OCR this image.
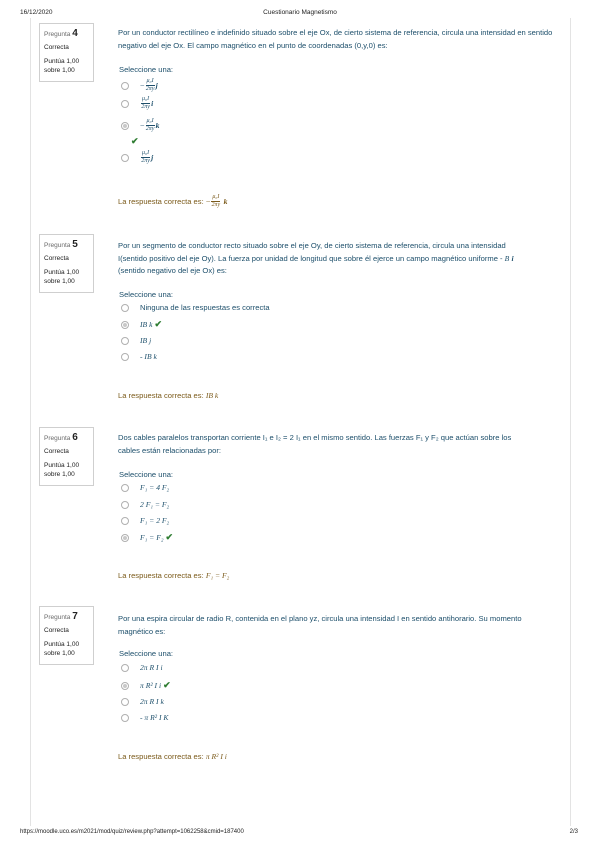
16/12/2020	Cuestionario Magnetismo
Pregunta 4
Correcta
Puntúa 1,00
sobre 1,00
Por un conductor rectilíneo e indefinido situado sobre el eje Ox, de cierto sistema de referencia, circula una intensidad en sentido negativo del eje Ox. El campo magnético en el punto de coordenadas (0,y,0) es:
Seleccione una:
− $\frac{\text{μ₀I}}{2\pi y}$ j
$\frac{\text{μ₀I}}{2\pi y}$ i
− $\frac{\text{μ₀I}}{2\pi y}$ k
✔
$\frac{\text{μ₀I}}{2\pi y}$ j
La respuesta correcta es:
− $\frac{\text{μ₀I}}{2\pi y}$
k
Pregunta 5
Correcta
Puntúa 1,00
sobre 1,00
Por un segmento de conductor recto situado sobre el eje Oy, de cierto sistema de referencia, circula una intensidad
I(sentido positivo del eje Oy). La fuerza por unidad de longitud que sobre él ejerce un campo magnético uniforme - B i
(sentido negativo del eje Ox) es:
Seleccione una:
Ninguna de las respuestas es correcta
IB k ✔
IB j
- IB k
La respuesta correcta es:
IB k
Pregunta 6
Correcta
Puntúa 1,00
sobre 1,00
Dos cables paralelos transportan corriente I₁ e I₂ = 2 I₁ en el mismo sentido. Las fuerzas F₁ y F₂ que actúan sobre los
cables están relacionadas por:
Seleccione una:
F₁ = 4 F₂
2 F₁ = F₂
F₁ = 2 F₂
F₁ = F₂ ✔
La respuesta correcta es:
F₁ = F₂
Pregunta 7
Correcta
Puntúa 1,00
sobre 1,00
Por una espira circular de radio R, contenida en el plano yz, circula una intensidad I en sentido antihorario. Su momento magnético es:
Seleccione una:
2π R I i
π R² I i ✔
2π R I k
- π R² I K
La respuesta correcta es:
π R² I i
https://moodle.uco.es/m2021/mod/quiz/review.php?attempt=1062258&cmid=187400	2/3
